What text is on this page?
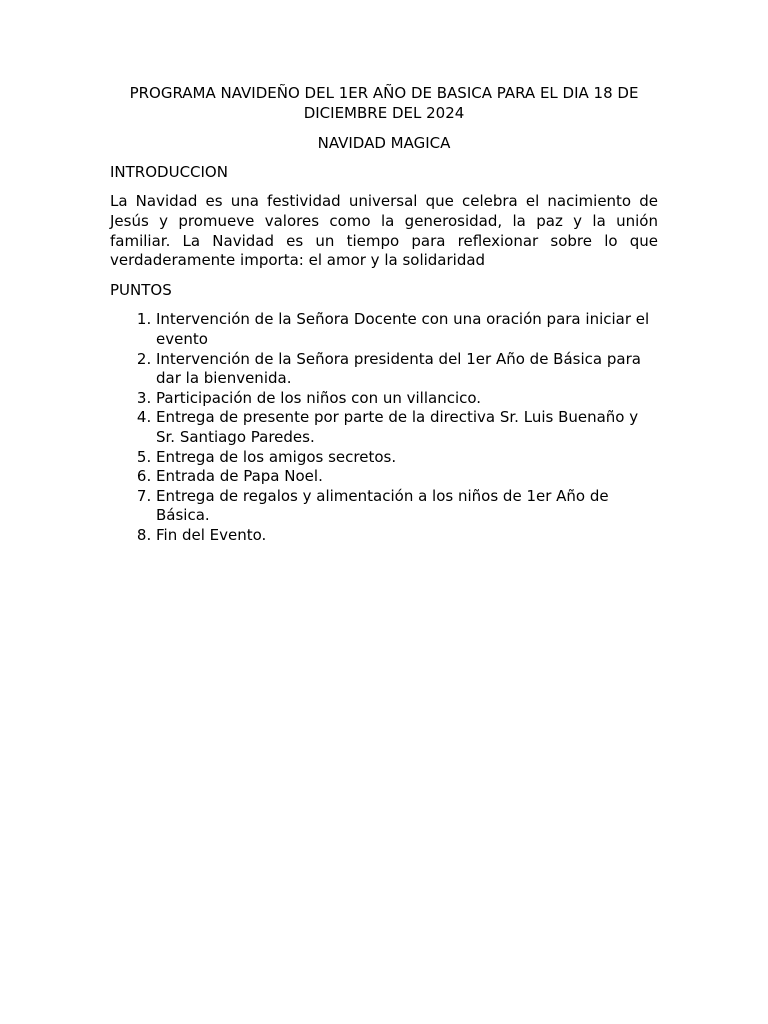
PROGRAMA NAVIDEÑO DEL 1ER AÑO DE BASICA PARA EL DIA 18 DE DICIEMBRE DEL 2024

NAVIDAD MAGICA

INTRODUCCION

La Navidad es una festividad universal que celebra el nacimiento de Jesús y promueve valores como la generosidad, la paz y la unión familiar. La Navidad es un tiempo para reflexionar sobre lo que verdaderamente importa: el amor y la solidaridad

PUNTOS

1. Intervención de la Señora Docente con una oración para iniciar el evento
2. Intervención de la Señora presidenta del 1er Año de Básica para dar la bienvenida.
3. Participación de los niños con un villancico.
4. Entrega de presente por parte de la directiva Sr. Luis Buenaño y Sr. Santiago Paredes.
5. Entrega de los amigos secretos.
6. Entrada de Papa Noel.
7. Entrega de regalos y alimentación a los niños de 1er Año de Básica.
8. Fin del Evento.
